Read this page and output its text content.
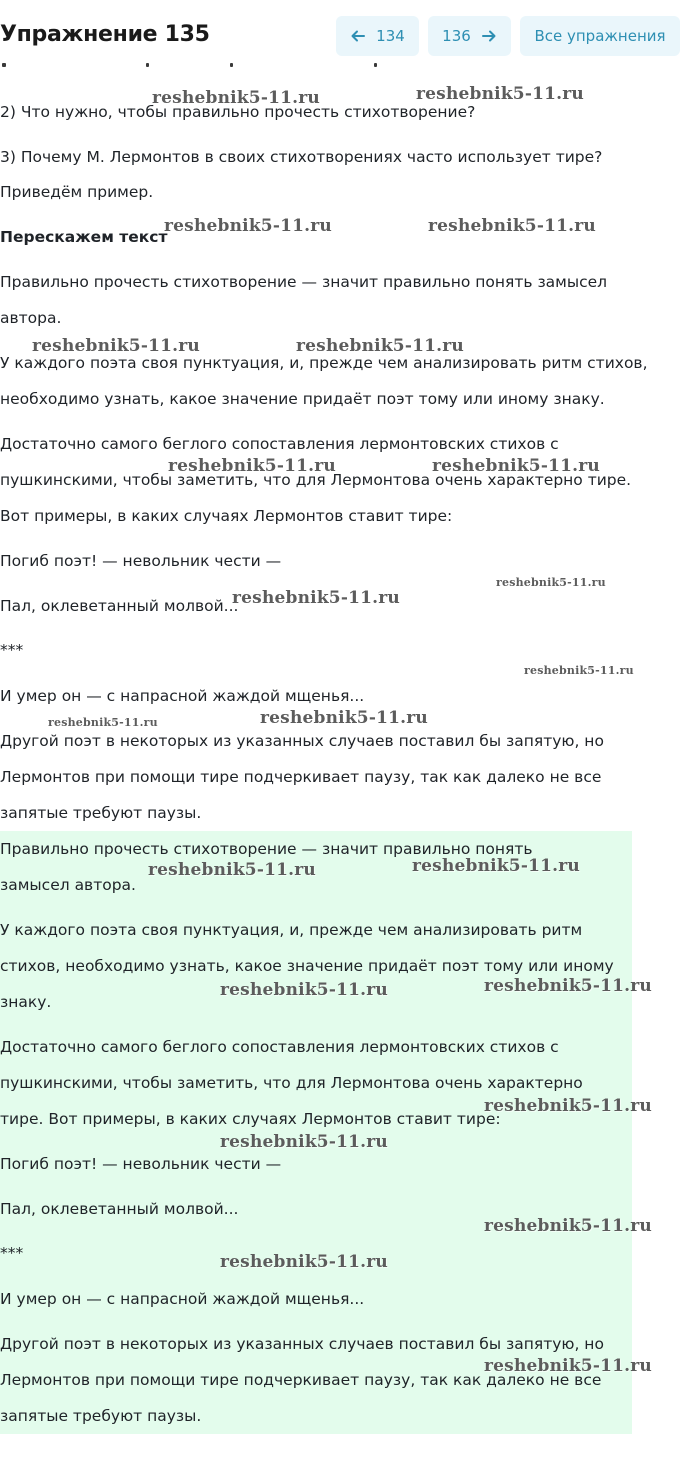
Упражнение 135	134 136	Все упражнения
2) Что нужно, чтобы правильно прочесть стихотворение?
3) Почему М. Лермонтов в своих стихотворениях часто использует тире?
Приведём пример.
Перескажем текст
Правильно прочесть стихотворение — значит правильно понять замысел
автора.
У каждого поэта своя пунктуация, и, прежде чем анализировать ритм стихов,
необходимо узнать, какое значение придаёт поэт тому или иному знаку.
Достаточно самого беглого сопоставления лермонтовских стихов с
пушкинскими, чтобы заметить, что для Лермонтова очень характерно тире.
Вот примеры, в каких случаях Лермонтов ставит тире:
Погиб поэт! — невольник чести —
Пал, оклеветанный молвой...
***
И умер он — с напрасной жаждой мщенья...
Другой поэт в некоторых из указанных случаев поставил бы запятую, но
Лермонтов при помощи тире подчеркивает паузу, так как далеко не все
запятые требуют паузы.
Правильно прочесть стихотворение — значит правильно понять
замысел автора.
У каждого поэта своя пунктуация, и, прежде чем анализировать ритм
стихов, необходимо узнать, какое значение придаёт поэт тому или иному
знаку.
Достаточно самого беглого сопоставления лермонтовских стихов с
пушкинскими, чтобы заметить, что для Лермонтова очень характерно
тире. Вот примеры, в каких случаях Лермонтов ставит тире:
Погиб поэт! — невольник чести —
Пал, оклеветанный молвой...
***
И умер он — с напрасной жаждой мщенья...
Другой поэт в некоторых из указанных случаев поставил бы запятую, но
Лермонтов при помощи тире подчеркивает паузу, так как далеко не все
запятые требуют паузы.
reshebnik5-11.ru	reshebnik5-11.ru
reshebnik5-11.ru	reshebnik5-11.ru
reshebnik5-11.ru	reshebnik5-11.ru
reshebnik5-11.ru	reshebnik5-11.ru
reshebnik5-11.ru
reshebnik5-11.ru
reshebnik5-11.ru
reshebnik5-11.ru	reshebnik5-11.ru
reshebnik5-11.ru	reshebnik5-11.ru
reshebnik5-11.ru	reshebnik5-11.ru
reshebnik5-11.ru
reshebnik5-11.ru
reshebnik5-11.ru
reshebnik5-11.ru
reshebnik5-11.ru
